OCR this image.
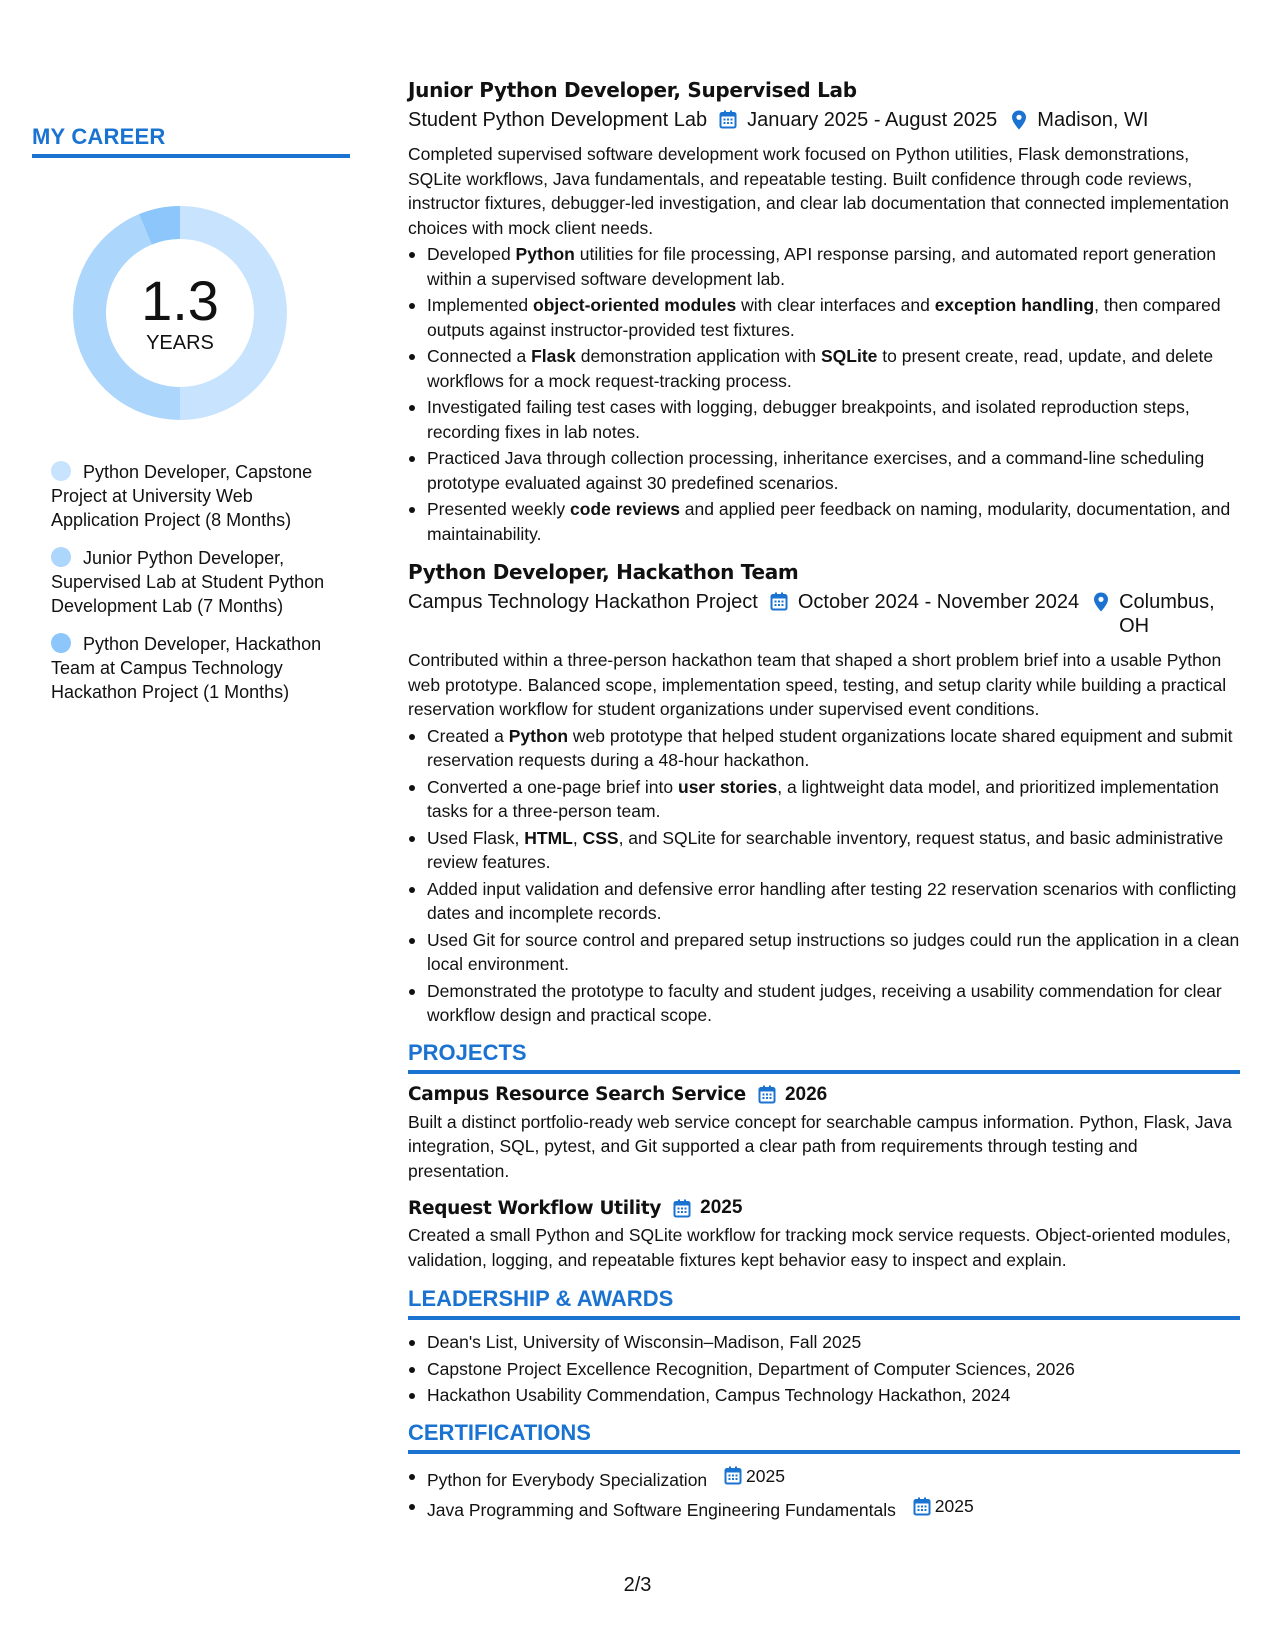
MY CAREER
1.3
YEARS
Python Developer, Capstone Project at University Web Application Project (8 Months)
Junior Python Developer, Supervised Lab at Student Python Development Lab (7 Months)
Python Developer, Hackathon Team at Campus Technology Hackathon Project (1 Months)
Junior Python Developer, Supervised Lab
Student Python Development Lab January 2025 - August 2025 Madison, WI

Completed supervised software development work focused on Python utilities, Flask demonstrations, SQLite workflows, Java fundamentals, and repeatable testing. Built confidence through code reviews, instructor fixtures, debugger-led investigation, and clear lab documentation that connected implementation choices with mock client needs.

Developed Python utilities for file processing, API response parsing, and automated report generation within a supervised software development lab.
Implemented object-oriented modules with clear interfaces and exception handling, then compared outputs against instructor-provided test fixtures.
Connected a Flask demonstration application with SQLite to present create, read, update, and delete workflows for a mock request-tracking process.
Investigated failing test cases with logging, debugger breakpoints, and isolated reproduction steps, recording fixes in lab notes.
Practiced Java through collection processing, inheritance exercises, and a command-line scheduling prototype evaluated against 30 predefined scenarios.
Presented weekly code reviews and applied peer feedback on naming, modularity, documentation, and maintainability.
Python Developer, Hackathon Team
Campus Technology Hackathon Project October 2024 - November 2024 Columbus, OH

Contributed within a three-person hackathon team that shaped a short problem brief into a usable Python web prototype. Balanced scope, implementation speed, testing, and setup clarity while building a practical reservation workflow for student organizations under supervised event conditions.

Created a Python web prototype that helped student organizations locate shared equipment and submit reservation requests during a 48-hour hackathon.
Converted a one-page brief into user stories, a lightweight data model, and prioritized implementation tasks for a three-person team.
Used Flask, HTML, CSS, and SQLite for searchable inventory, request status, and basic administrative review features.
Added input validation and defensive error handling after testing 22 reservation scenarios with conflicting dates and incomplete records.
Used Git for source control and prepared setup instructions so judges could run the application in a clean local environment.
Demonstrated the prototype to faculty and student judges, receiving a usability commendation for clear workflow design and practical scope.
PROJECTS
Campus Resource Search Service 2026

Built a distinct portfolio-ready web service concept for searchable campus information. Python, Flask, Java integration, SQL, pytest, and Git supported a clear path from requirements through testing and presentation.

Request Workflow Utility 2025

Created a small Python and SQLite workflow for tracking mock service requests. Object-oriented modules, validation, logging, and repeatable fixtures kept behavior easy to inspect and explain.

LEADERSHIP & AWARDS
Dean's List, University of Wisconsin–Madison, Fall 2025
Capstone Project Excellence Recognition, Department of Computer Sciences, 2026
Hackathon Usability Commendation, Campus Technology Hackathon, 2024
CERTIFICATIONS
Python for Everybody Specialization 2025
Java Programming and Software Engineering Fundamentals 2025
2/3
